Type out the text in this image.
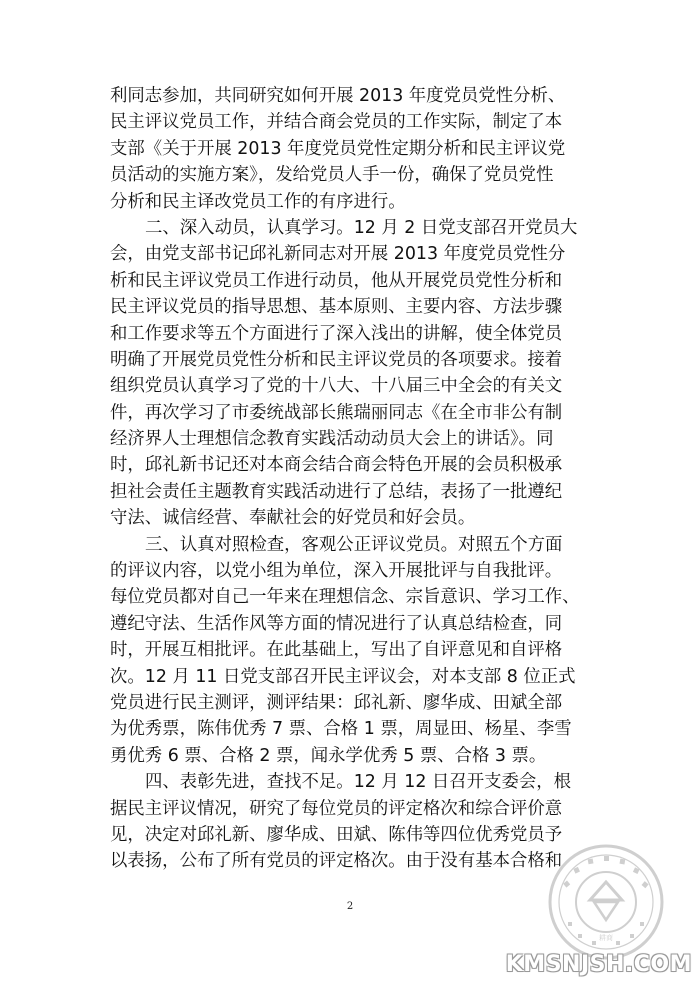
利同志参加，共同研究如何开展 2013 年度党员党性分析、
民主评议党员工作，并结合商会党员的工作实际，制定了本
支部《关于开展 2013 年度党员党性定期分析和民主评议党
员活动的实施方案》，发给党员人手一份，确保了党员党性
分析和民主译改党员工作的有序进行。
二、深入动员，认真学习。12 月 2 日党支部召开党员大
会，由党支部书记邱礼新同志对开展 2013 年度党员党性分
析和民主评议党员工作进行动员，他从开展党员党性分析和
民主评议党员的指导思想、基本原则、主要内容、方法步骤
和工作要求等五个方面进行了深入浅出的讲解，使全体党员
明确了开展党员党性分析和民主评议党员的各项要求。接着
组织党员认真学习了党的十八大、十八届三中全会的有关文
件，再次学习了市委统战部长熊瑞丽同志《在全市非公有制
经济界人士理想信念教育实践活动动员大会上的讲话》。同
时，邱礼新书记还对本商会结合商会特色开展的会员积极承
担社会责任主题教育实践活动进行了总结，表扬了一批遵纪
守法、诚信经营、奉献社会的好党员和好会员。
三、认真对照检查，客观公正评议党员。对照五个方面
的评议内容，以党小组为单位，深入开展批评与自我批评。
每位党员都对自己一年来在理想信念、宗旨意识、学习工作、
遵纪守法、生活作风等方面的情况进行了认真总结检查，同
时，开展互相批评。在此基础上，写出了自评意见和自评格
次。12 月 11 日党支部召开民主评议会，对本支部 8 位正式
党员进行民主测评，测评结果：邱礼新、廖华成、田斌全部
为优秀票，陈伟优秀 7 票、合格 1 票，周显田、杨星、李雪
勇优秀 6 票、合格 2 票，闻永学优秀 5 票、合格 3 票。
四、表彰先进，查找不足。12 月 12 日召开支委会，根
据民主评议情况，研究了每位党员的评定格次和综合评价意
见，决定对邱礼新、廖华成、田斌、陈伟等四位优秀党员予
以表扬，公布了所有党员的评定格次。由于没有基本合格和
2
耕商
KMSNJSH.COM
